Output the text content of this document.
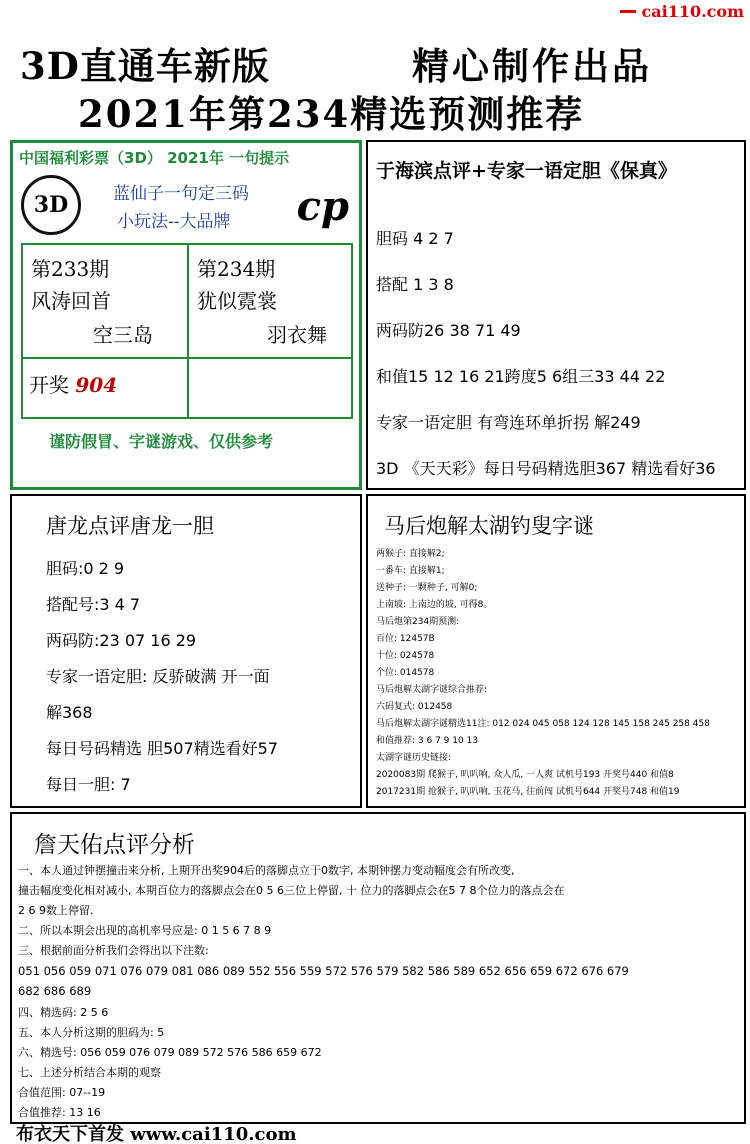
cai110.com
3D直通车新版	精心制作出品
2021年第234精选预测推荐
中国福利彩票（3D） 2021年 一句提示
3D	蓝仙子一句定三码
小玩法--大品牌 cp
第233期
风涛回首
空三岛
第234期
犹似霓裳
羽衣舞
开奖 904
谨防假冒、字谜游戏、仅供参考
于海滨点评+专家一语定胆《保真》
胆码 4 2 7
搭配 1 3 8
两码防26 38 71 49
和值15 12 16 21跨度5 6组三33 44 22
专家一语定胆 有弯连环单折拐 解249
3D 《天天彩》每日号码精选胆367 精选看好36
唐龙点评唐龙一胆
胆码:0 2 9
搭配号:3 4 7
两码防:23 07 16 29
专家一语定胆: 反骄破满 开一面
解368
每日号码精选 胆507精选看好57
每日一胆: 7
马后炮解太湖钓叟字谜
两猴子: 直接解2;
一番车: 直接解1;
送种子: 一颗种子, 可解0;
上南坡: 上南边的坡, 可得8。
马后炮第234期预测:
百位: 12457B
十位: 024578
个位: 014578
马后炮解太湖字谜综合推荐:
六码复式: 012458
马后炮解太湖字谜精选11注: 012 024 045 058 124 128 145 158 245 258 458
和值推荐: 3 6 7 9 10 13
太湖字谜历史链接:
2020083期 爬猴子, 叭叭响, 众人瓜, 一人爽 试机号193 开奖号440 和值8
2017231期 抢猴子, 叭叭响, 玉花马, 往前闯 试机号644 开奖号748 和值19
詹天佑点评分析
一、本人通过钟摆撞击来分析, 上期开出奖904后的落脚点立于0数字, 本期钟摆力变动幅度会有所改变,
撞击幅度变化相对减小, 本期百位力的落脚点会在0 5 6三位上停留, 十 位力的落脚点会在5 7 8个位力的落点会在
2 6 9数上停留.
二、所以本期会出现的高机率号应是: 0 1 5 6 7 8 9
三、根据前面分析我们会得出以下注数:
051 056 059 071 076 079 081 086 089 552 556 559 572 576 579 582 586 589 652 656 659 672 676 679
682 686 689
四、精选码: 2 5 6
五、本人分析这期的胆码为: 5
六、精选号: 056 059 076 079 089 572 576 586 659 672
七、上述分析结合本期的观察
合值范围: 07--19
合值推荐: 13 16
布衣天下首发 www.cai110.com
